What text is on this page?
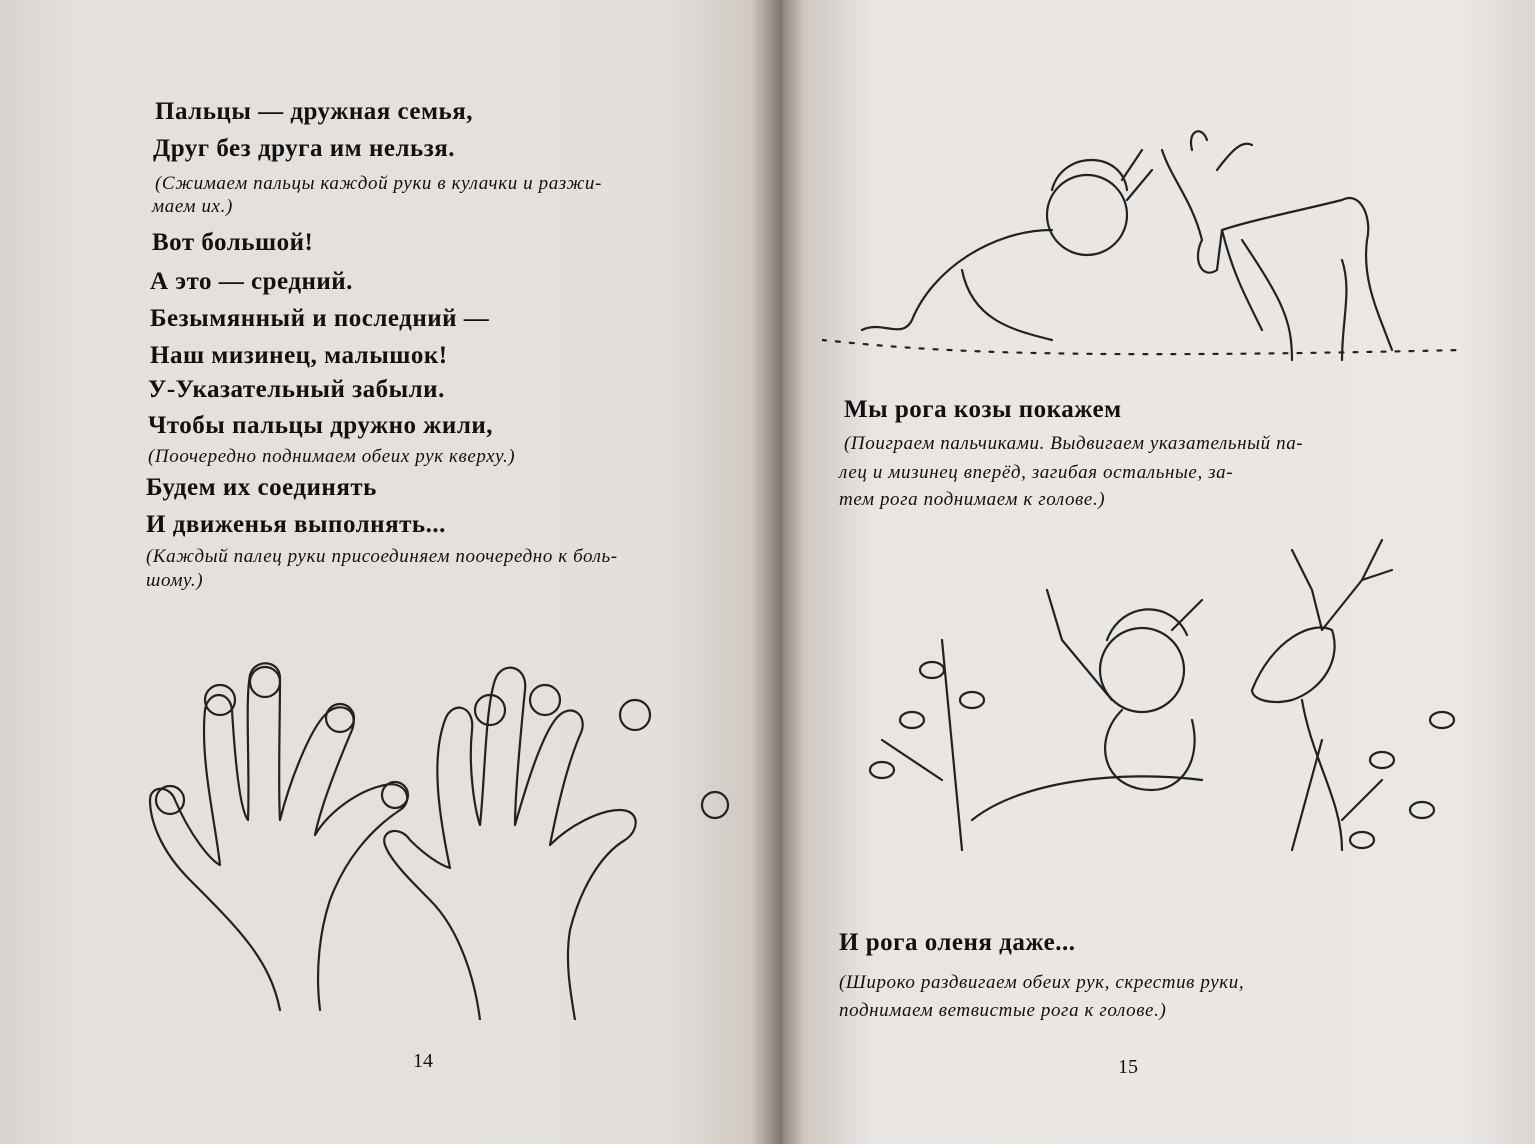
Пальцы — дружная семья,
Друг без друга им нельзя.
(Сжимаем пальцы каждой руки в кулачки и разжи-
маем их.)
Вот большой!
А это — средний.
Безымянный и последний —
Наш мизинец, малышок!
У-Указательный забыли.
Чтобы пальцы дружно жили,
(Поочередно поднимаем обеих рук кверху.)
Будем их соединять
И движенья выполнять...
(Каждый палец руки присоединяем поочередно к боль-
шому.)
14
Мы рога козы покажем
(Поиграем пальчиками. Выдвигаем указательный па-
лец и мизинец вперёд, загибая остальные, за-
тем рога поднимаем к голове.)
И рога оленя даже...
(Широко раздвигаем обеих рук, скрестив руки,
поднимаем ветвистые рога к голове.)
15
